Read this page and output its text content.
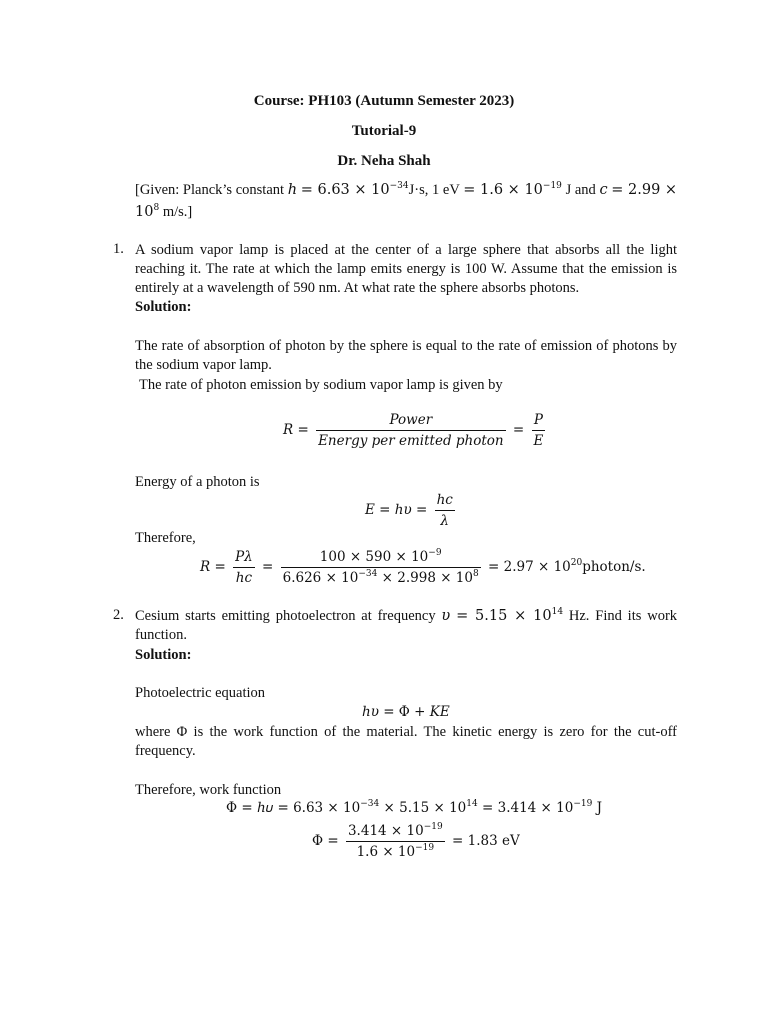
Course: PH103 (Autumn Semester 2023)
Tutorial-9
Dr. Neha Shah
[Given: Planck’s constant ℎ = $6.63 \times 10^{-34}J\cdot s$, 1 eV = $1.6 \times 10^{-19}$ J and 𝑐 = 2.99 ×
$10^8$ m/s.]
1. A sodium vapor lamp is placed at the center of a large sphere that absorbs all the light reaching it. The rate at which the lamp emits energy is 100 W. Assume that the emission is entirely at a wavelength of 590 nm. At what rate the sphere absorbs photons.
Solution:
The rate of absorption of photon by the sphere is equal to the rate of emission of photons by the sodium vapor lamp.
The rate of photon emission by sodium vapor lamp is given by
𝑅 = $\frac{\text{Power}}{\text{Energy per emitted photon}} = \frac{\text{𝑃}}{\text{𝐸}}$
Energy of a photon is
𝐸 = ℎ𝜐 = $\frac{\text{ℎ𝑐}}{\text{𝜆}}$
Therefore,
𝑅 = $\frac{\text{𝑃𝜆}}{\text{ℎ𝑐}} = \frac{100 \times 590 \times 10^{-9}}{6.626 \times 10^{-34} \times 2.998 \times 10^8} = 2.97$ × $10^{20}photon/s$.
2. Cesium starts emitting photoelectron at frequency 𝜐 = $5.15 \times 10^{14}$ Hz. Find its work function.
Solution:
Photoelectric equation
ℎ𝜐 = Φ + 𝐾𝐸
where Φ is the work function of the material. The kinetic energy is zero for the cut-off frequency.
Therefore, work function
Φ = ℎ𝜐 = $6.63 \times 10^{-34} \times 5.15 \times 10^{14} = 3.414 \times 10^{-19}$ J
$\Phi = \frac{3.414 \times 10^{-19}}{1.6 \times 10^{-19}} = 1.83$ eV
